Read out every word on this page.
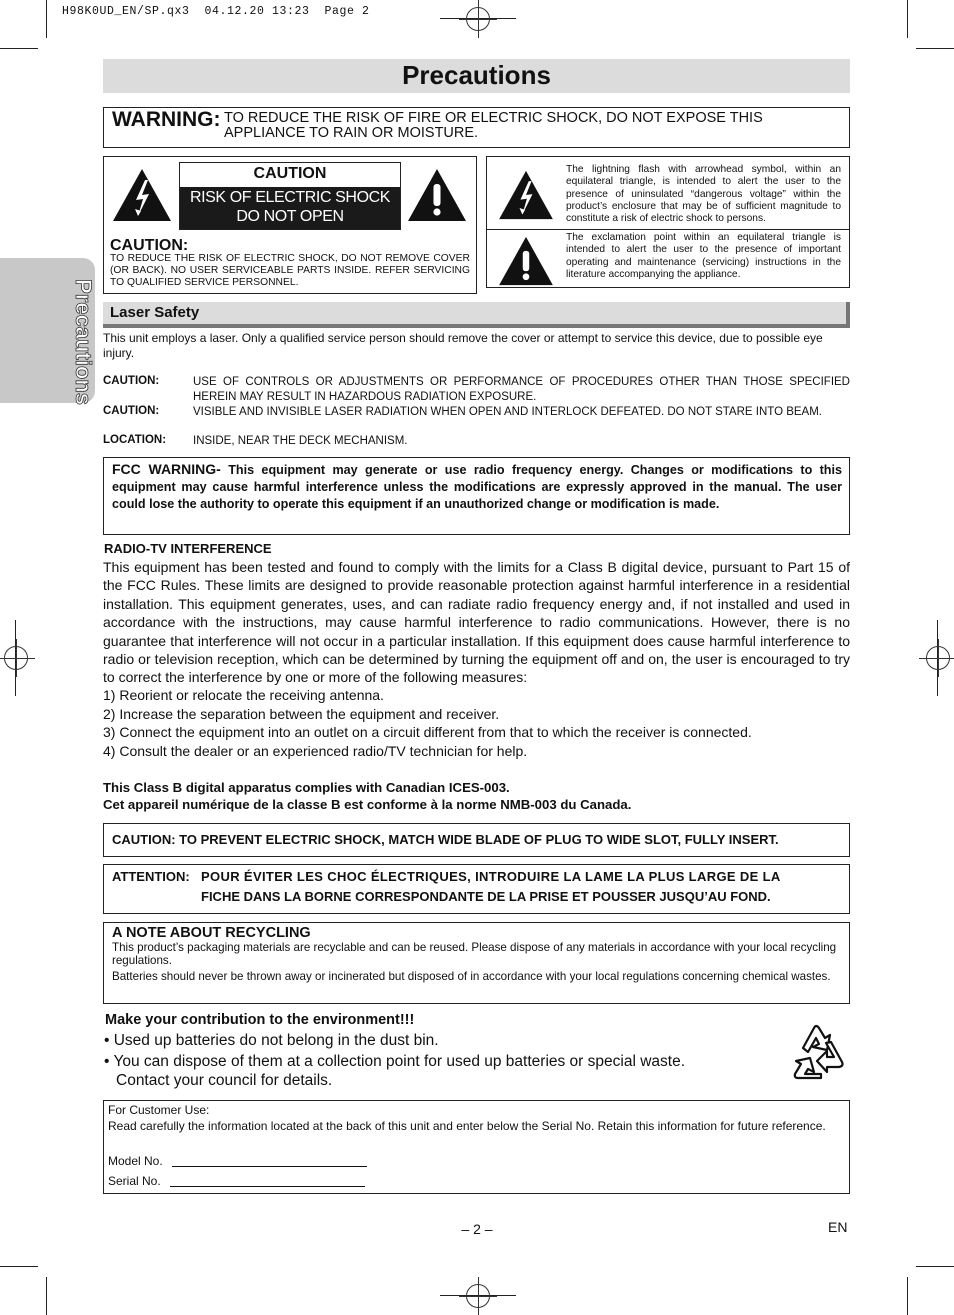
H98K0UD_EN/SP.qx3  04.12.20 13:23  Page 2
Precautions
Precautions
WARNING: TO REDUCE THE RISK OF FIRE OR ELECTRIC SHOCK, DO NOT EXPOSE THIS
APPLIANCE TO RAIN OR MOISTURE.
CAUTION
RISK OF ELECTRIC SHOCK
DO NOT OPEN
CAUTION:
TO REDUCE THE RISK OF ELECTRIC SHOCK, DO NOT REMOVE COVER (OR BACK). NO USER SERVICEABLE PARTS INSIDE. REFER SERVICING TO QUALIFIED SERVICE PERSONNEL.
The lightning flash with arrowhead symbol, within an equilateral triangle, is intended to alert the user to the presence of uninsulated “dangerous voltage” within the product’s enclosure that may be of sufficient magnitude to constitute a risk of electric shock to persons.
The exclamation point within an equilateral triangle is intended to alert the user to the presence of important operating and maintenance (servicing) instructions in the literature accompanying the appliance.
Laser Safety
This unit employs a laser. Only a qualified service person should remove the cover or attempt to service this device, due to possible eye injury.
CAUTION:	USE OF CONTROLS OR ADJUSTMENTS OR PERFORMANCE OF PROCEDURES OTHER THAN THOSE SPECIFIED HEREIN MAY RESULT IN HAZARDOUS RADIATION EXPOSURE.
CAUTION:	VISIBLE AND INVISIBLE LASER RADIATION WHEN OPEN AND INTERLOCK DEFEATED. DO NOT STARE INTO BEAM.
LOCATION: INSIDE, NEAR THE DECK MECHANISM.
FCC WARNING- This equipment may generate or use radio frequency energy. Changes or modifications to this equipment may cause harmful interference unless the modifications are expressly approved in the manual. The user could lose the authority to operate this equipment if an unauthorized change or modification is made.
RADIO-TV INTERFERENCE
This equipment has been tested and found to comply with the limits for a Class B digital device, pursuant to Part 15 of the FCC Rules. These limits are designed to provide reasonable protection against harmful interference in a residential installation. This equipment generates, uses, and can radiate radio frequency energy and, if not installed and used in accordance with the instructions, may cause harmful interference to radio communications. However, there is no guarantee that interference will not occur in a particular installation. If this equipment does cause harmful interference to radio or television reception, which can be determined by turning the equipment off and on, the user is encouraged to try to correct the interference by one or more of the following measures:
1) Reorient or relocate the receiving antenna.
2) Increase the separation between the equipment and receiver.
3) Connect the equipment into an outlet on a circuit different from that to which the receiver is connected.
4) Consult the dealer or an experienced radio/TV technician for help.
This Class B digital apparatus complies with Canadian ICES-003.
Cet appareil numérique de la classe B est conforme à la norme NMB-003 du Canada.
CAUTION: TO PREVENT ELECTRIC SHOCK, MATCH WIDE BLADE OF PLUG TO WIDE SLOT, FULLY INSERT.
ATTENTION: POUR ÉVITER LES CHOC ÉLECTRIQUES, INTRODUIRE LA LAME LA PLUS LARGE DE LA
FICHE DANS LA BORNE CORRESPONDANTE DE LA PRISE ET POUSSER JUSQU’AU FOND.
A NOTE ABOUT RECYCLING
This product’s packaging materials are recyclable and can be reused. Please dispose of any materials in accordance with your local recycling regulations.
Batteries should never be thrown away or incinerated but disposed of in accordance with your local regulations concerning chemical wastes.
Make your contribution to the environment!!!
• Used up batteries do not belong in the dust bin.
• You can dispose of them at a collection point for used up batteries or special waste.
Contact your council for details.
For Customer Use:
Read carefully the information located at the back of this unit and enter below the Serial No. Retain this information for future reference.
Model No.
Serial No.
– 2 –	EN
